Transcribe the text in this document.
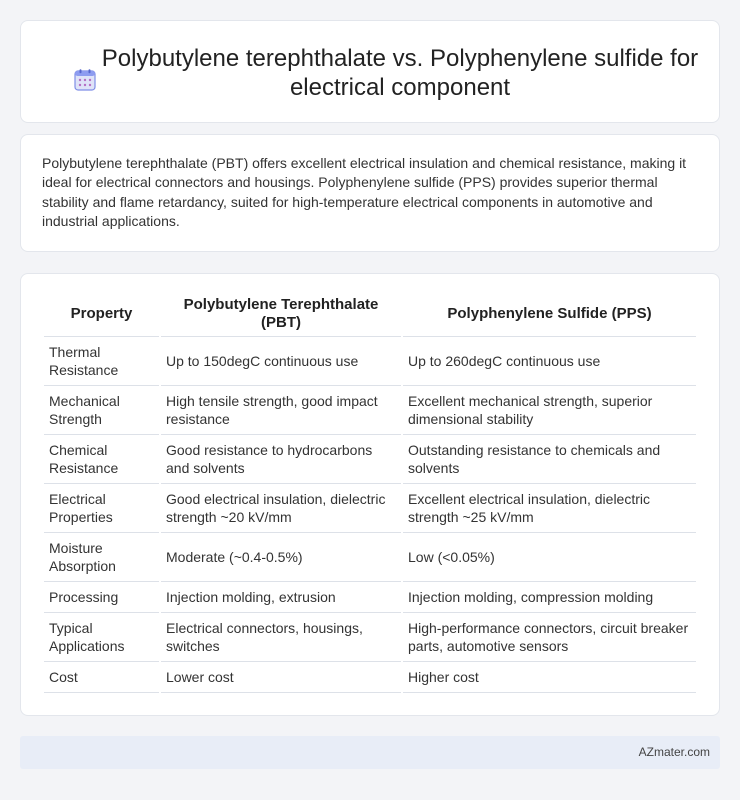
Polybutylene terephthalate vs. Polyphenylene sulfide for electrical component

Polybutylene terephthalate (PBT) offers excellent electrical insulation and chemical resistance, making it ideal for electrical connectors and housings. Polyphenylene sulfide (PPS) provides superior thermal stability and flame retardancy, suited for high-temperature electrical components in automotive and industrial applications.

Property	Polybutylene Terephthalate (PBT)	Polyphenylene Sulfide (PPS)
Thermal Resistance	Up to 150degC continuous use	Up to 260degC continuous use
Mechanical Strength	High tensile strength, good impact resistance	Excellent mechanical strength, superior dimensional stability
Chemical Resistance	Good resistance to hydrocarbons and solvents	Outstanding resistance to chemicals and solvents
Electrical Properties	Good electrical insulation, dielectric strength ~20 kV/mm	Excellent electrical insulation, dielectric strength ~25 kV/mm
Moisture Absorption	Moderate (~0.4-0.5%)	Low (<0.05%)
Processing	Injection molding, extrusion	Injection molding, compression molding
Typical Applications	Electrical connectors, housings, switches	High-performance connectors, circuit breaker parts, automotive sensors
Cost	Lower cost	Higher cost
AZmater.com
